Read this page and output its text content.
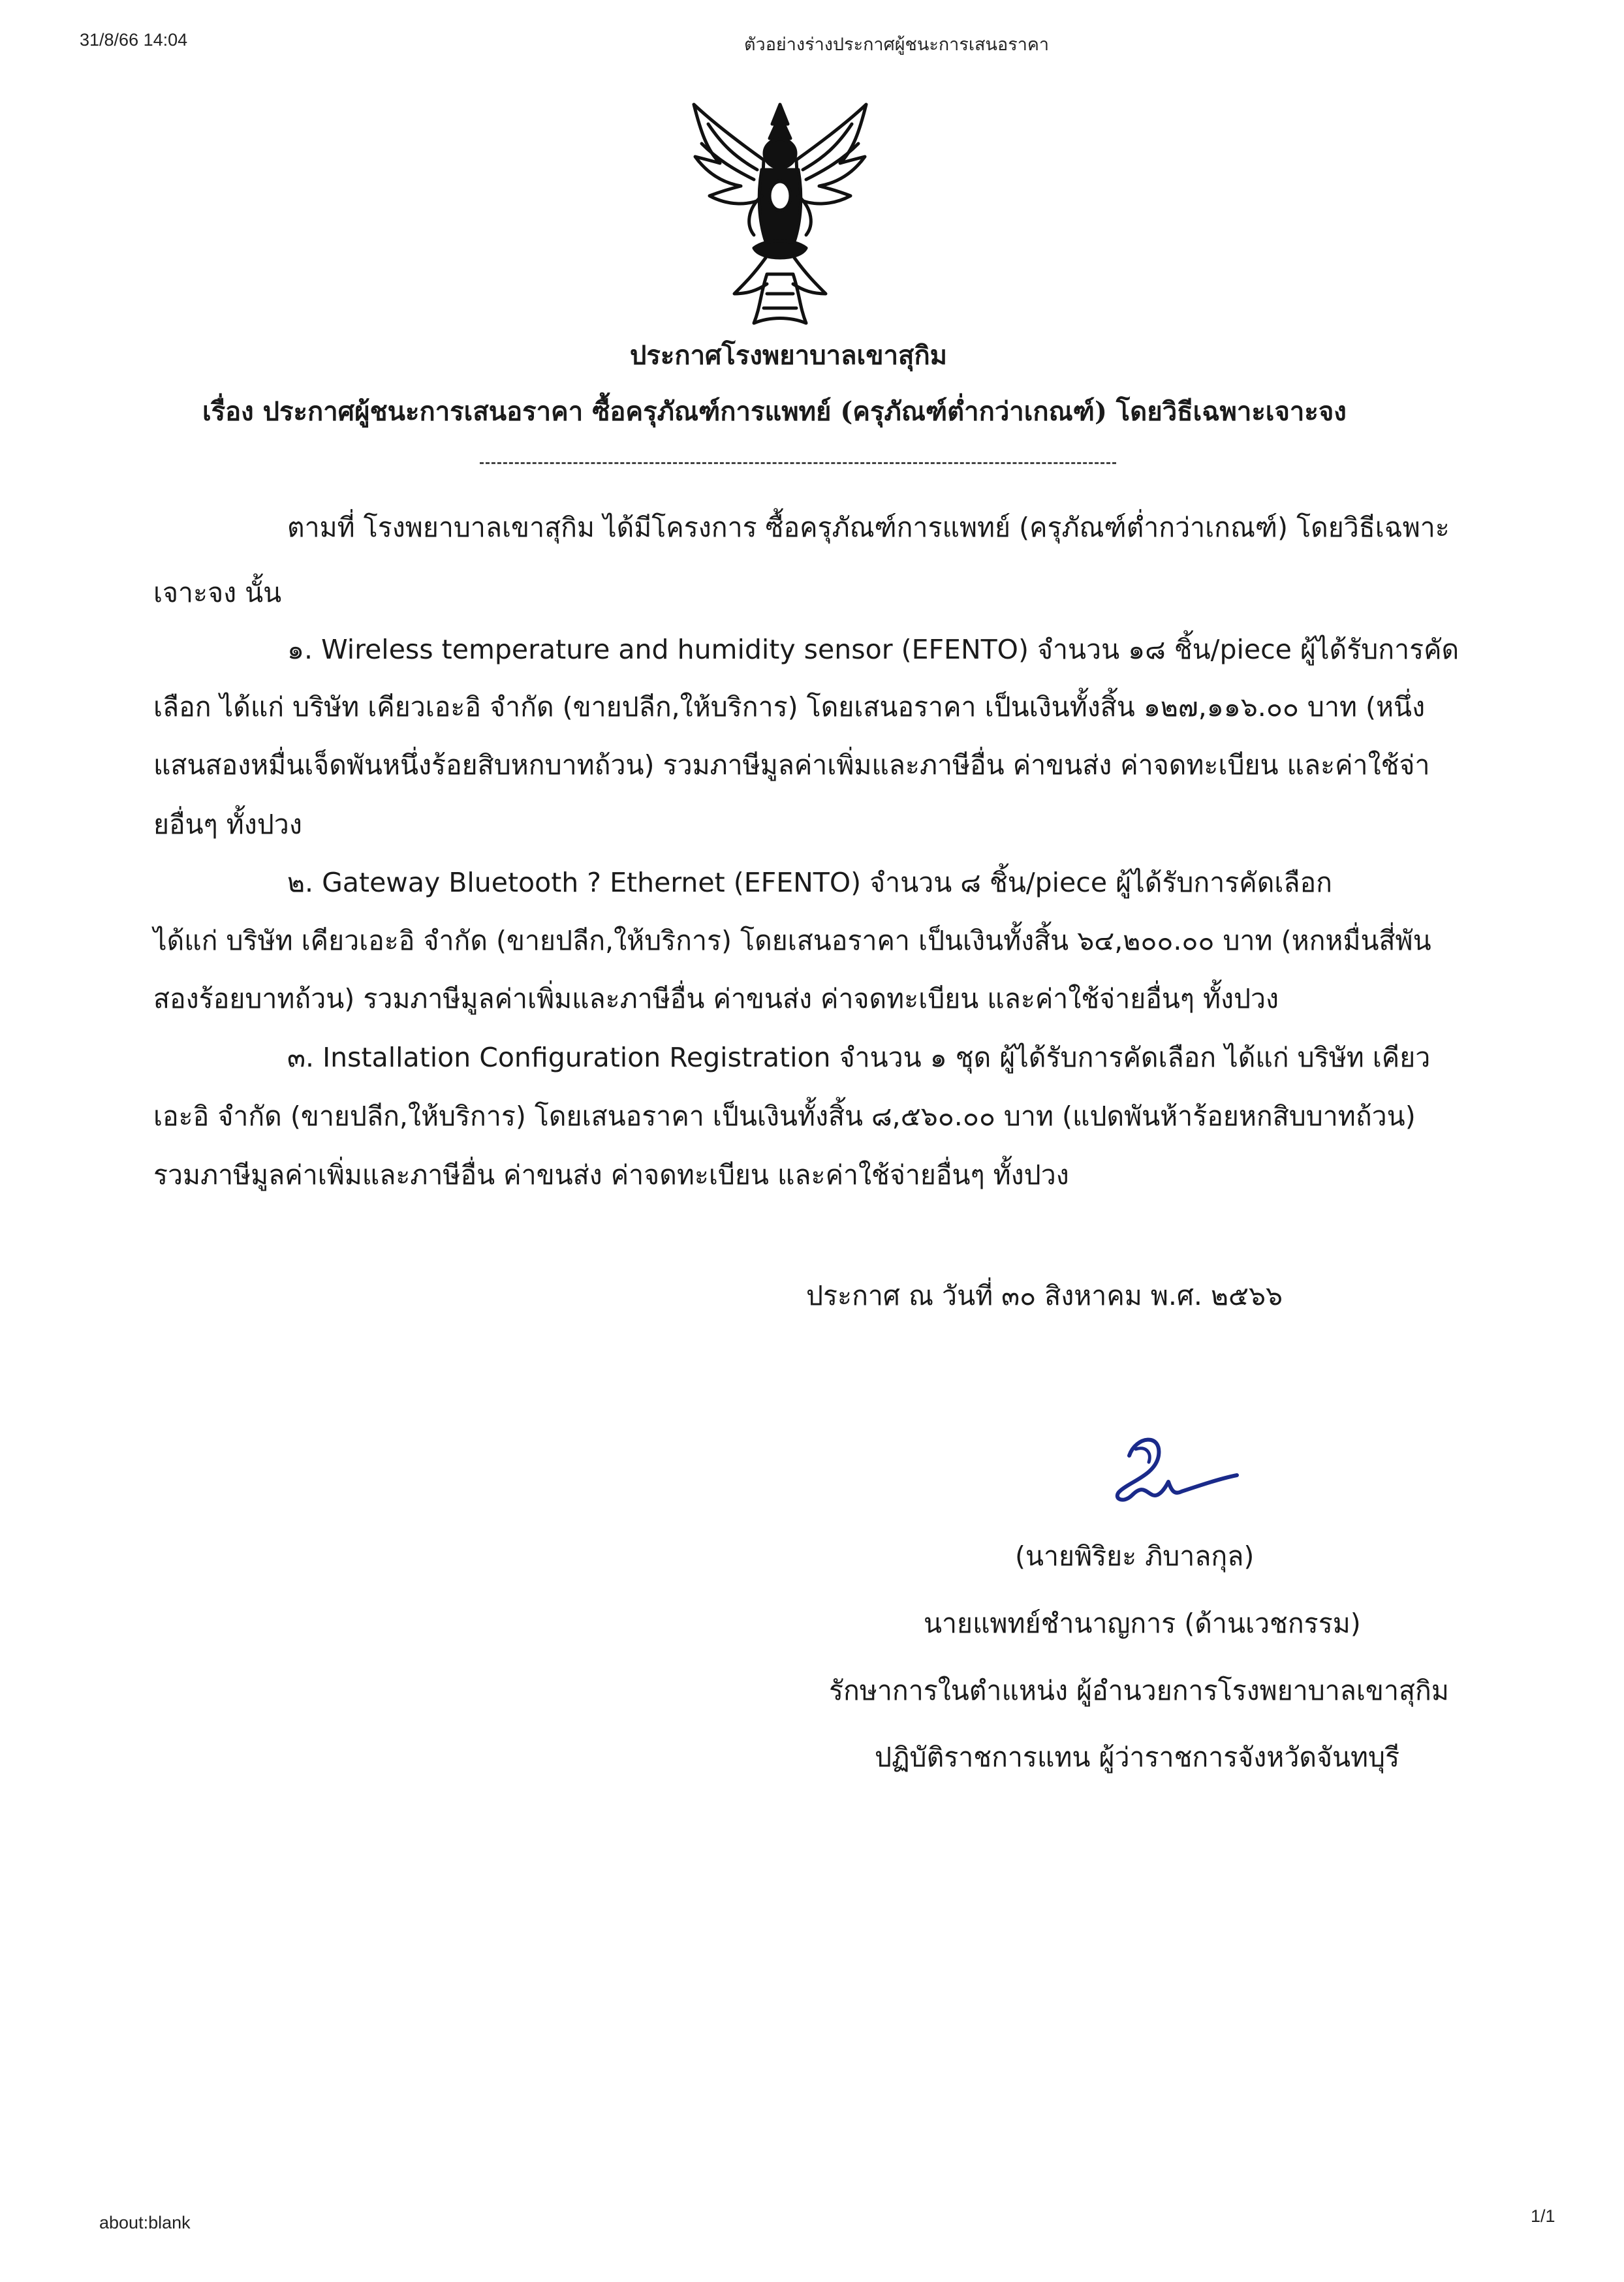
31/8/66 14:04	ตัวอย่างร่างประกาศผู้ชนะการเสนอราคา
ประกาศโรงพยาบาลเขาสุกิม
เรื่อง ประกาศผู้ชนะการเสนอราคา ซื้อครุภัณฑ์การแพทย์ (ครุภัณฑ์ต่ำกว่าเกณฑ์) โดยวิธีเฉพาะเจาะจง
ตามที่ โรงพยาบาลเขาสุกิม ได้มีโครงการ ซื้อครุภัณฑ์การแพทย์ (ครุภัณฑ์ต่ำกว่าเกณฑ์) โดยวิธีเฉพาะ
เจาะจง นั้น
๑. Wireless temperature and humidity sensor (EFENTO) จำนวน ๑๘ ชิ้น/piece ผู้ได้รับการคัด
เลือก ได้แก่ บริษัท เคียวเอะอิ จำกัด (ขายปลีก,ให้บริการ) โดยเสนอราคา เป็นเงินทั้งสิ้น ๑๒๗,๑๑๖.๐๐ บาท (หนึ่ง
แสนสองหมื่นเจ็ดพันหนึ่งร้อยสิบหกบาทถ้วน) รวมภาษีมูลค่าเพิ่มและภาษีอื่น ค่าขนส่ง ค่าจดทะเบียน และค่าใช้จ่า
ยอื่นๆ ทั้งปวง
๒. Gateway Bluetooth ? Ethernet (EFENTO) จำนวน ๘ ชิ้น/piece ผู้ได้รับการคัดเลือก
ได้แก่ บริษัท เคียวเอะอิ จำกัด (ขายปลีก,ให้บริการ) โดยเสนอราคา เป็นเงินทั้งสิ้น ๖๔,๒๐๐.๐๐ บาท (หกหมื่นสี่พัน
สองร้อยบาทถ้วน) รวมภาษีมูลค่าเพิ่มและภาษีอื่น ค่าขนส่ง ค่าจดทะเบียน และค่าใช้จ่ายอื่นๆ ทั้งปวง
๓. Installation Configuration Registration จำนวน ๑ ชุด ผู้ได้รับการคัดเลือก ได้แก่ บริษัท เคียว
เอะอิ จำกัด (ขายปลีก,ให้บริการ) โดยเสนอราคา เป็นเงินทั้งสิ้น ๘,๕๖๐.๐๐ บาท (แปดพันห้าร้อยหกสิบบาทถ้วน)
รวมภาษีมูลค่าเพิ่มและภาษีอื่น ค่าขนส่ง ค่าจดทะเบียน และค่าใช้จ่ายอื่นๆ ทั้งปวง
ประกาศ ณ วันที่ ๓๐ สิงหาคม พ.ศ. ๒๕๖๖
(นายพิริยะ ภิบาลกุล)
นายแพทย์ชำนาญการ (ด้านเวชกรรม)
รักษาการในตำแหน่ง ผู้อำนวยการโรงพยาบาลเขาสุกิม
ปฏิบัติราชการแทน ผู้ว่าราชการจังหวัดจันทบุรี
about:blank	1/1
